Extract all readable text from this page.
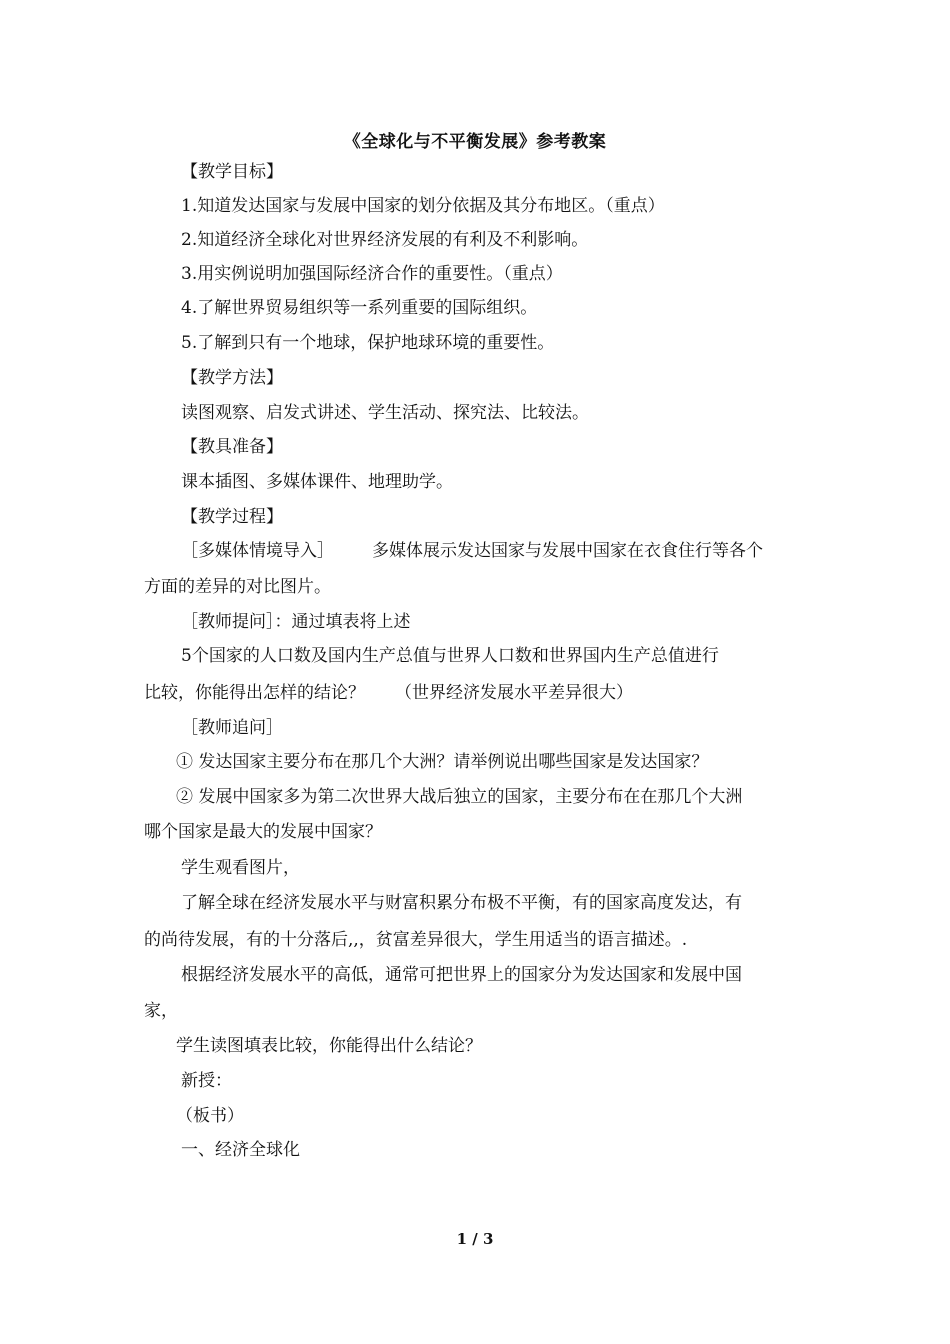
《全球化与不平衡发展》参考教案
【教学目标】
1.知道发达国家与发展中国家的划分依据及其分布地区。（重点）
2.知道经济全球化对世界经济发展的有利及不利影响。
3.用实例说明加强国际经济合作的重要性。（重点）
4.了解世界贸易组织等一系列重要的国际组织。
5.了解到只有一个地球，保护地球环境的重要性。
【教学方法】
读图观察、启发式讲述、学生活动、探究法、比较法。
【教具准备】
课本插图、多媒体课件、地理助学。
【教学过程】
［多媒体情境导入］ 多媒体展示发达国家与发展中国家在衣食住行等各个
方面的差异的对比图片。
［教师提问］：通过填表将上述
5个国家的人口数及国内生产总值与世界人口数和世界国内生产总值进行
比较，你能得出怎样的结论？ （世界经济发展水平差异很大）
［教师追问］
① 发达国家主要分布在那几个大洲？请举例说出哪些国家是发达国家？
② 发展中国家多为第二次世界大战后独立的国家，主要分布在在那几个大洲
哪个国家是最大的发展中国家？
学生观看图片，
了解全球在经济发展水平与财富积累分布极不平衡，有的国家高度发达，有
的尚待发展，有的十分落后,,，贫富差异很大，学生用适当的语言描述。.
根据经济发展水平的高低，通常可把世界上的国家分为发达国家和发展中国
家，
学生读图填表比较，你能得出什么结论？
新授：
（板书）
一、经济全球化
1 / 3
